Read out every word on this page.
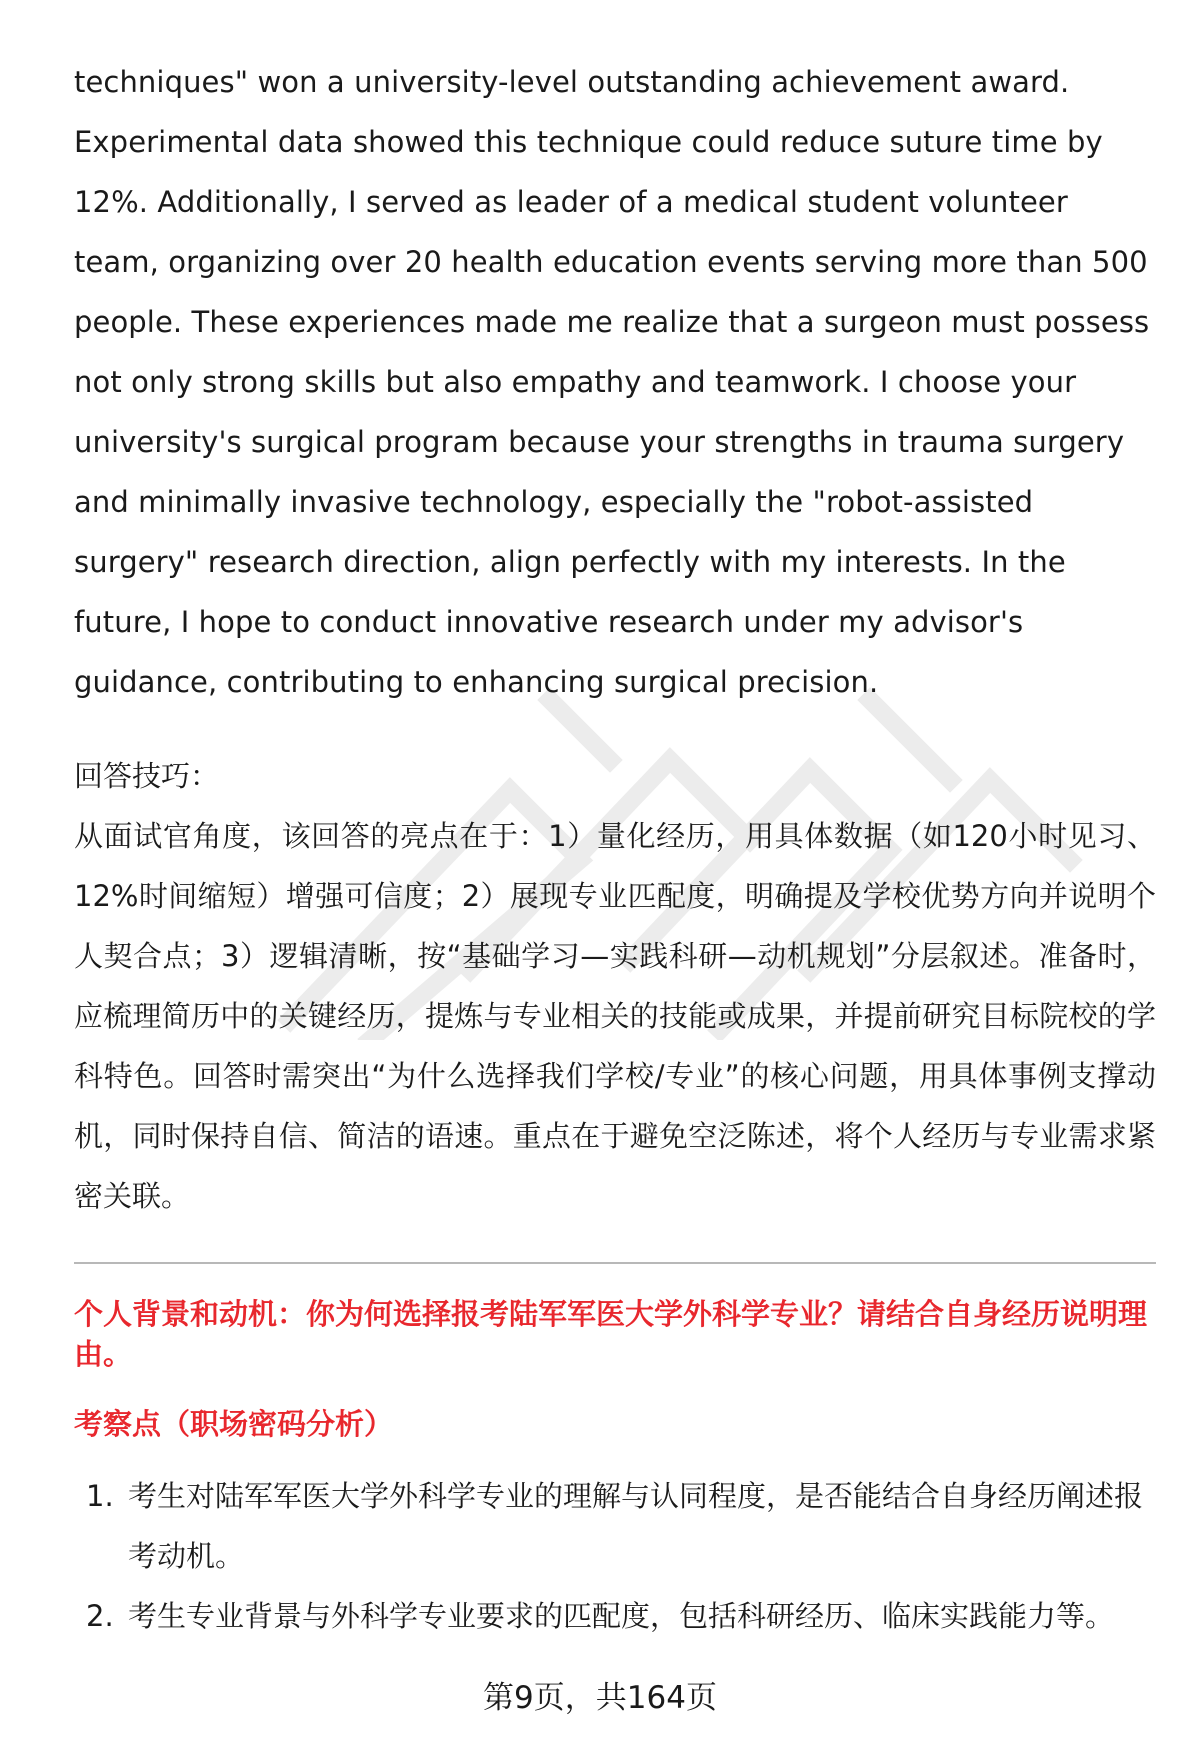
techniques" won a university-level outstanding achievement award. Experimental data showed this technique could reduce suture time by 12%. Additionally, I served as leader of a medical student volunteer team, organizing over 20 health education events serving more than 500 people. These experiences made me realize that a surgeon must possess not only strong skills but also empathy and teamwork. I choose your university's surgical program because your strengths in trauma surgery and minimally invasive technology, especially the "robot-assisted surgery" research direction, align perfectly with my interests. In the future, I hope to conduct innovative research under my advisor's guidance, contributing to enhancing surgical precision.

回答技巧：

从面试官角度，该回答的亮点在于：1）量化经历，用具体数据（如120小时见习、12%时间缩短）增强可信度；2）展现专业匹配度，明确提及学校优势方向并说明个人契合点；3）逻辑清晰，按“基础学习—实践科研—动机规划”分层叙述。准备时，应梳理简历中的关键经历，提炼与专业相关的技能或成果，并提前研究目标院校的学科特色。回答时需突出“为什么选择我们学校/专业”的核心问题，用具体事例支撑动机，同时保持自信、简洁的语速。重点在于避免空泛陈述，将个人经历与专业需求紧密关联。

个人背景和动机：你为何选择报考陆军军医大学外科学专业？请结合自身经历说明理由。
考察点（职场密码分析）
1. 考生对陆军军医大学外科学专业的理解与认同程度，是否能结合自身经历阐述报考动机。
2. 考生专业背景与外科学专业要求的匹配度，包括科研经历、临床实践能力等。
第9页，共164页
